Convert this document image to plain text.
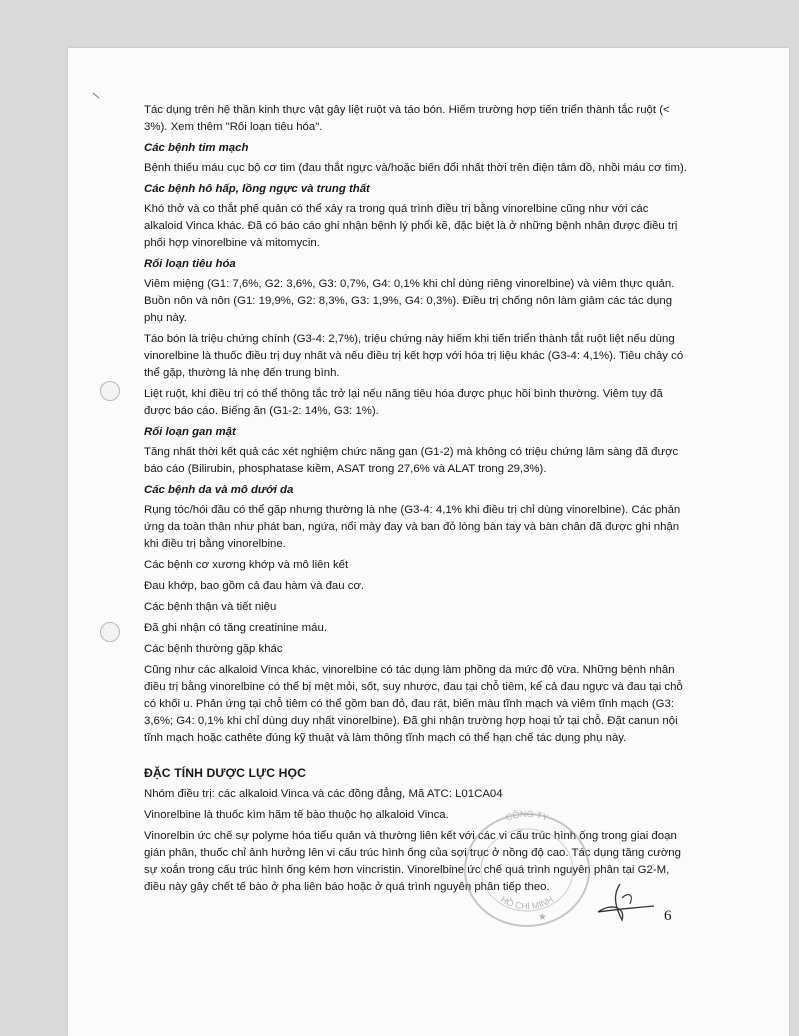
Tác dụng trên hệ thần kinh thực vật gây liệt ruột và táo bón. Hiếm trường hợp tiến triển thành tắc ruột (< 3%). Xem thêm "Rối loạn tiêu hóa".

Các bệnh tim mạch

Bệnh thiếu máu cục bộ cơ tim (đau thắt ngực và/hoặc biến đổi nhất thời trên điện tâm đồ, nhồi máu cơ tim).

Các bệnh hô hấp, lồng ngực và trung thất

Khó thở và co thắt phế quản có thể xảy ra trong quá trình điều trị bằng vinorelbine cũng như với các alkaloid Vinca khác. Đã có báo cáo ghi nhận bệnh lý phổi kẽ, đặc biệt là ở những bệnh nhân được điều trị phối hợp vinorelbine và mitomycin.

Rối loạn tiêu hóa

Viêm miệng (G1: 7,6%, G2: 3,6%, G3: 0,7%, G4: 0,1% khi chỉ dùng riêng vinorelbine) và viêm thực quản. Buồn nôn và nôn (G1: 19,9%, G2: 8,3%, G3: 1,9%, G4: 0,3%). Điều trị chống nôn làm giảm các tác dụng phụ này.

Táo bón là triệu chứng chính (G3-4: 2,7%), triệu chứng này hiếm khi tiến triển thành tắt ruột liệt nếu dùng vinorelbine là thuốc điều trị duy nhất và nếu điều trị kết hợp với hóa trị liệu khác (G3-4: 4,1%). Tiêu chảy có thể gặp, thường là nhẹ đến trung bình.

Liệt ruột, khi điều trị có thể thông tắc trở lại nếu năng tiêu hóa được phục hồi bình thường. Viêm tụy đã được báo cáo. Biếng ăn (G1-2: 14%, G3: 1%).

Rối loạn gan mật

Tăng nhất thời kết quả các xét nghiệm chức năng gan (G1-2) mà không có triệu chứng lâm sàng đã được báo cáo (Bilirubin, phosphatase kiềm, ASAT trong 27,6% và ALAT trong 29,3%).

Các bệnh da và mô dưới da

Rụng tóc/hói đầu có thể gặp nhưng thường là nhẹ (G3-4: 4,1% khi điều trị chỉ dùng vinorelbine). Các phản ứng da toàn thân như phát ban, ngứa, nổi mày đay và ban đỏ lòng bàn tay và bàn chân đã được ghi nhận khi điều trị bằng vinorelbine.

Các bệnh cơ xương khớp và mô liên kết

Đau khớp, bao gồm cả đau hàm và đau cơ.

Các bệnh thận và tiết niệu

Đã ghi nhận có tăng creatinine máu.

Các bệnh thường gặp khác

Cũng như các alkaloid Vinca khác, vinorelbine có tác dụng làm phồng da mức độ vừa. Những bệnh nhân điều trị bằng vinorelbine có thể bị mệt mỏi, sốt, suy nhược, đau tại chỗ tiêm, kể cả đau ngực và đau tại chỗ có khối u. Phản ứng tại chỗ tiêm có thể gồm ban đỏ, đau rát, biến màu tĩnh mạch và viêm tĩnh mạch (G3: 3,6%; G4: 0,1% khi chỉ dùng duy nhất vinorelbine). Đã ghi nhận trường hợp hoại tử tại chỗ. Đặt canun nội tĩnh mạch hoặc cathête đúng kỹ thuật và làm thông tĩnh mạch có thể hạn chế tác dụng phụ này.

ĐẶC TÍNH DƯỢC LỰC HỌC

Nhóm điều trị: các alkaloid Vinca và các đồng đẳng, Mã ATC: L01CA04

Vinorelbine là thuốc kìm hãm tế bào thuộc họ alkaloid Vinca.

Vinorelbin ức chế sự polyme hóa tiểu quản và thường liên kết với các vi cấu trúc hình ống trong giai đoạn gián phân, thuốc chỉ ảnh hưởng lên vi cấu trúc hình ống của sợi trục ở nồng độ cao. Tác dụng tăng cường sự xoắn trong cấu trúc hình ống kém hơn vincristin. Vinorelbine ức chế quá trình nguyên phân tại G2-M, điều này gây chết tế bào ở pha liên báo hoặc ở quá trình nguyên phân tiếp theo.

CÔNG TY
HỒ CHÍ MINH
★	6
